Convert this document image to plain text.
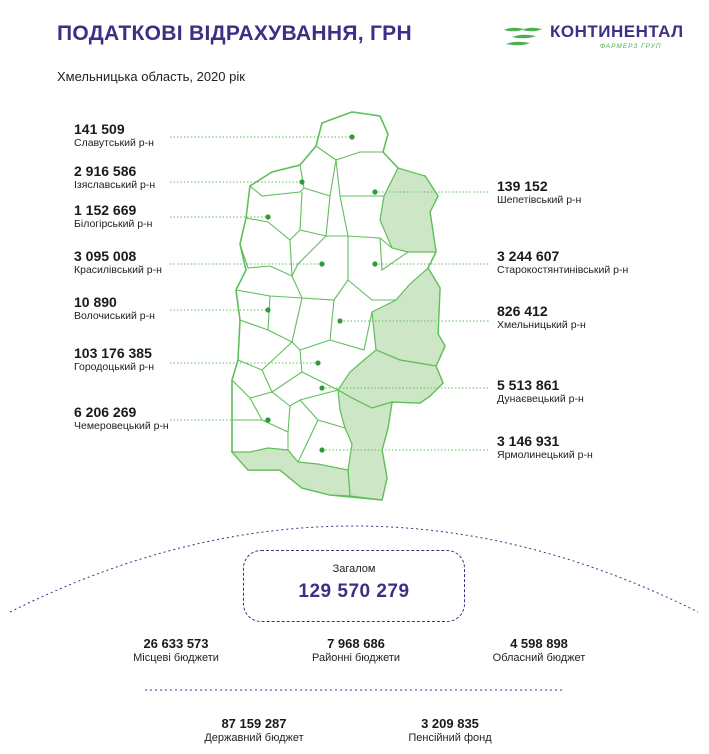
ПОДАТКОВІ ВІДРАХУВАННЯ, ГРН
Хмельницька область, 2020 рік
КОНТИНЕНТАЛ
ФАРМЕРЗ ГРУП
141 509
Славутський р-н
2 916 586
Ізяславський р-н
1 152 669
Білогірський р-н
3 095 008
Красилівський р-н
10 890
Волочиський р-н
103 176 385
Городоцький р-н
6 206 269
Чемеровецький р-н
139 152
Шепетівський р-н
3 244 607
Старокостянтинівський р-н
826 412
Хмельницький р-н
5 513 861
Дунаєвецький р-н
3 146 931
Ярмолинецький р-н
Загалом
129 570 279
26 633 573
Місцеві бюджети
7 968 686
Районні бюджети
4 598 898
Обласний бюджет
87 159 287
Державний бюджет
3 209 835
Пенсійний фонд
